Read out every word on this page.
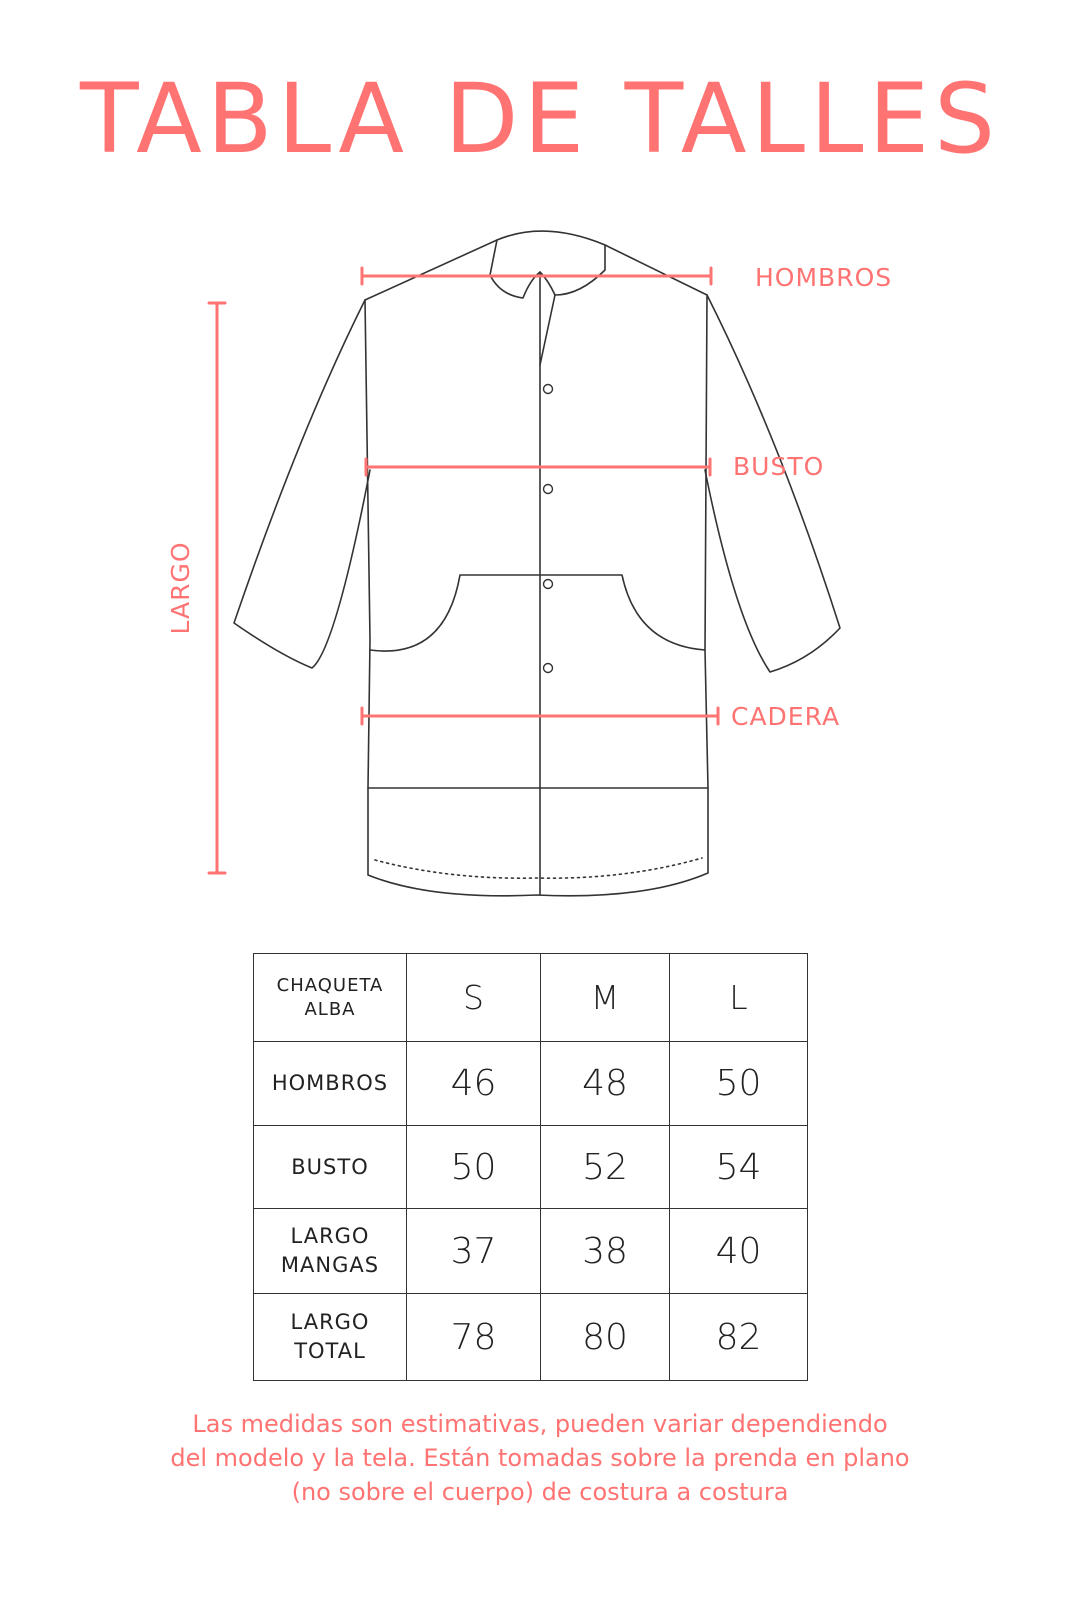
TABLA DE TALLES
HOMBROS
BUSTO
CADERA
LARGO
CHAQUETA
ALBA	S	M	L
HOMBROS	46	48	50
BUSTO	50	52	54
LARGO
MANGAS	37	38	40
LARGO
TOTAL	78	80	82

Las medidas son estimativas, pueden variar dependiendo
del modelo y la tela. Están tomadas sobre la prenda en plano
(no sobre el cuerpo) de costura a costura
